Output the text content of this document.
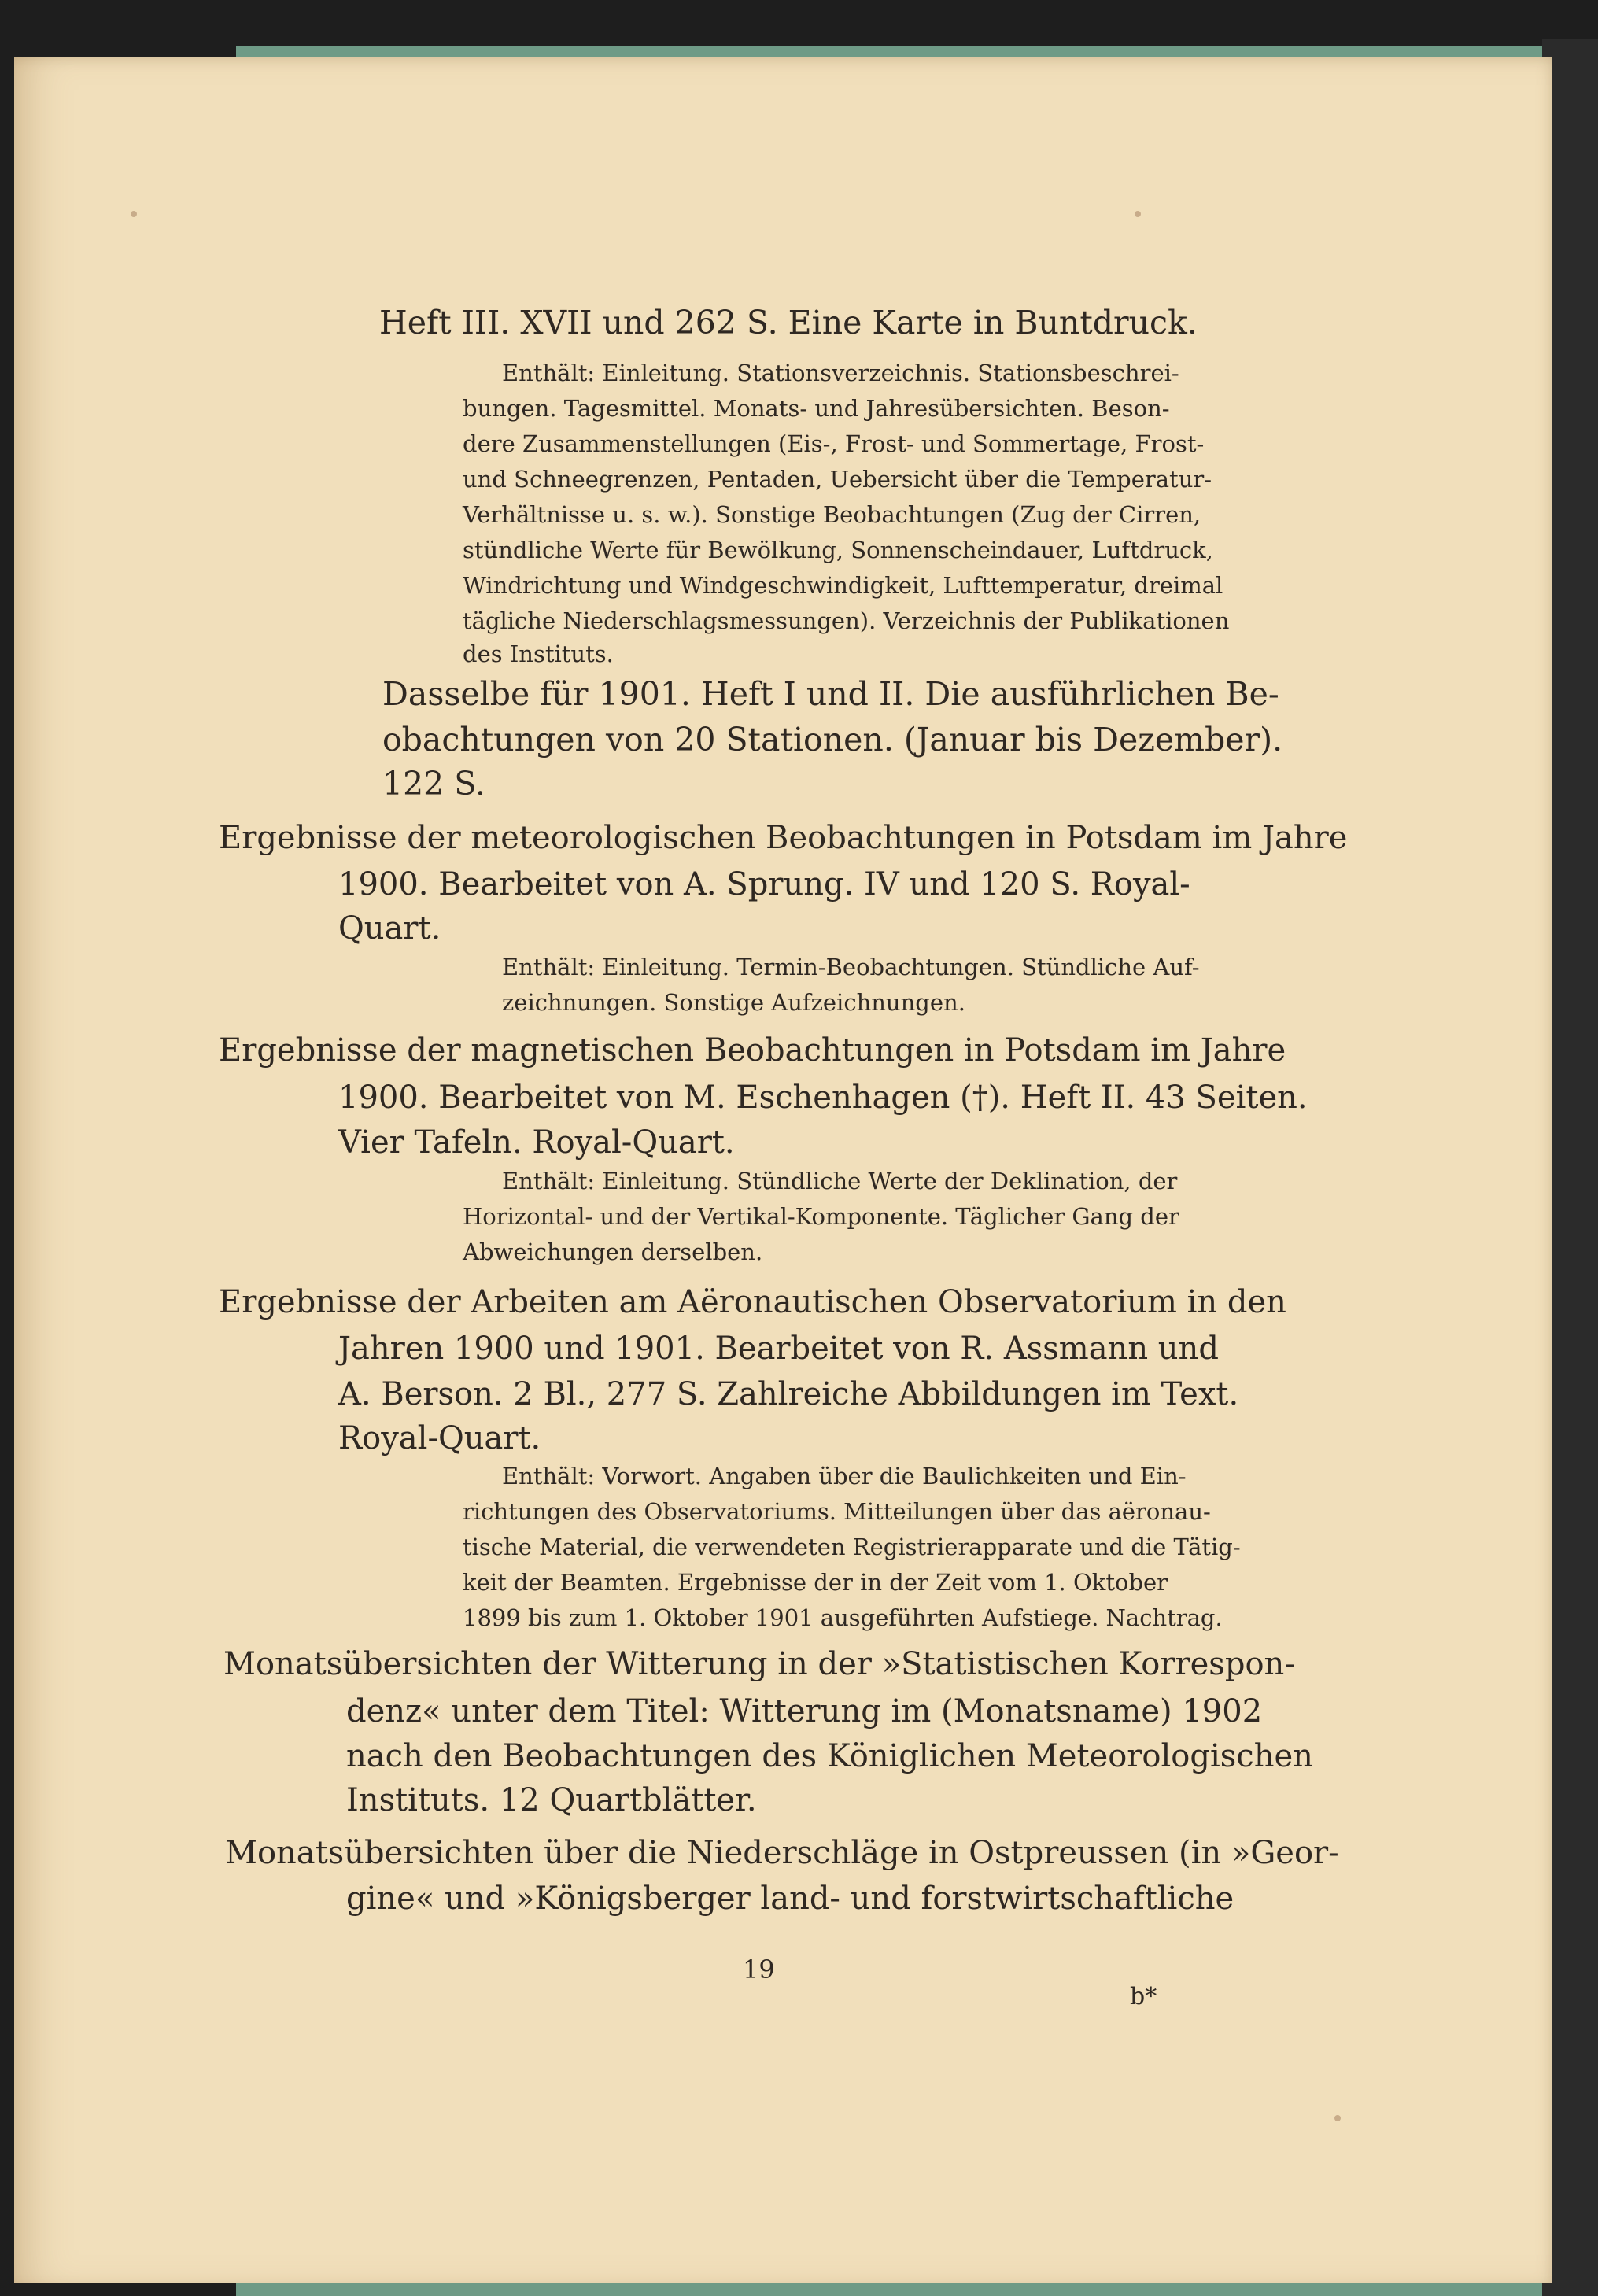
Heft III. XVII und 262 S. Eine Karte in Buntdruck.
Enthält: Einleitung. Stationsverzeichnis. Stationsbeschrei-
bungen. Tagesmittel. Monats- und Jahresübersichten. Beson-
dere Zusammenstellungen (Eis-, Frost- und Sommertage, Frost-
und Schneegrenzen, Pentaden, Uebersicht über die Temperatur-
Verhältnisse u. s. w.). Sonstige Beobachtungen (Zug der Cirren,
stündliche Werte für Bewölkung, Sonnenscheindauer, Luftdruck,
Windrichtung und Windgeschwindigkeit, Lufttemperatur, dreimal
tägliche Niederschlagsmessungen). Verzeichnis der Publikationen
des Instituts.
Dasselbe für 1901. Heft I und II. Die ausführlichen Be-
obachtungen von 20 Stationen. (Januar bis Dezember).
122 S.
Ergebnisse der meteorologischen Beobachtungen in Potsdam im Jahre
1900. Bearbeitet von A. Sprung. IV und 120 S. Royal-
Quart.
Enthält: Einleitung. Termin-Beobachtungen. Stündliche Auf-
zeichnungen. Sonstige Aufzeichnungen.
Ergebnisse der magnetischen Beobachtungen in Potsdam im Jahre
1900. Bearbeitet von M. Eschenhagen (†). Heft II. 43 Seiten.
Vier Tafeln. Royal-Quart.
Enthält: Einleitung. Stündliche Werte der Deklination, der
Horizontal- und der Vertikal-Komponente. Täglicher Gang der
Abweichungen derselben.
Ergebnisse der Arbeiten am Aëronautischen Observatorium in den
Jahren 1900 und 1901. Bearbeitet von R. Assmann und
A. Berson. 2 Bl., 277 S. Zahlreiche Abbildungen im Text.
Royal-Quart.
Enthält: Vorwort. Angaben über die Baulichkeiten und Ein-
richtungen des Observatoriums. Mitteilungen über das aëronau-
tische Material, die verwendeten Registrierapparate und die Tätig-
keit der Beamten. Ergebnisse der in der Zeit vom 1. Oktober
1899 bis zum 1. Oktober 1901 ausgeführten Aufstiege. Nachtrag.
Monatsübersichten der Witterung in der »Statistischen Korrespon-
denz« unter dem Titel: Witterung im (Monatsname) 1902
nach den Beobachtungen des Königlichen Meteorologischen
Instituts. 12 Quartblätter.
Monatsübersichten über die Niederschläge in Ostpreussen (in »Geor-
gine« und »Königsberger land- und forstwirtschaftliche
19
b*
